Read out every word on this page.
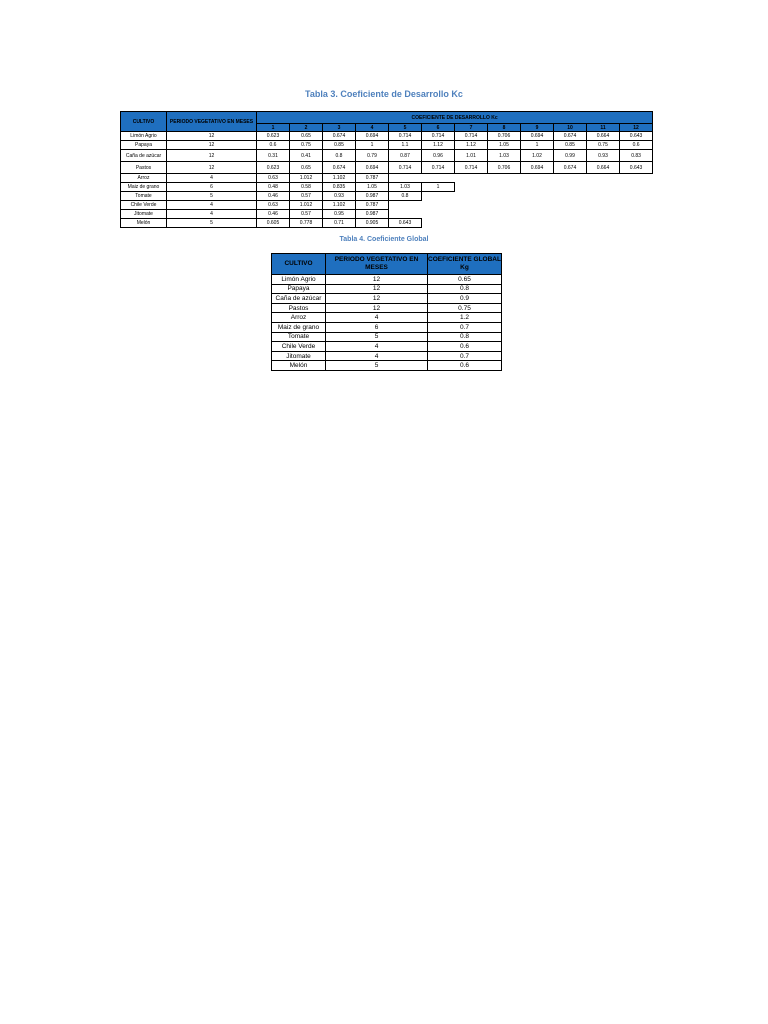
Tabla 3. Coeficiente de Desarrollo Kc
CULTIVO	PERIODO VEGETATIVO EN MESES	COEFICIENTE DE DESARROLLO Kc											
		1	2	3	4	5	6	7	8	9	10	11	12
Limón Agrio	12	0.623	0.65	0.674	0.694	0.714	0.714	0.714	0.706	0.694	0.674	0.664	0.643
Papaya	12	0.6	0.75	0.85	1	1.1	1.12	1.12	1.05	1	0.85	0.75	0.6
Caña de azúcar	12	0.31	0.41	0.8	0.79	0.87	0.96	1.01	1.03	1.02	0.99	0.93	0.83
Pastos	12	0.623	0.65	0.674	0.694	0.714	0.714	0.714	0.706	0.694	0.674	0.664	0.643
Arroz	4	0.63	1.012	1.102	0.787								
Maiz de grano	6	0.48	0.58	0.835	1.05	1.03	1						
Tomate	5	0.46	0.57	0.93	0.987	0.8							
Chile Verde	4	0.63	1.012	1.102	0.787								
Jitomate	4	0.46	0.57	0.95	0.987								
Melón	5	0.605	0.778	0.71	0.905	0.643							
Tabla 4. Coeficiente Global
CULTIVO	PERIODO VEGETATIVO EN MESES	COEFICIENTE GLOBAL Kg
Limón Agrio	12	0.65
Papaya	12	0.8
Caña de azúcar	12	0.9
Pastos	12	0.75
Arroz	4	1.2
Maiz de grano	6	0.7
Tomate	5	0.8
Chile Verde	4	0.6
Jitomate	4	0.7
Melón	5	0.6
